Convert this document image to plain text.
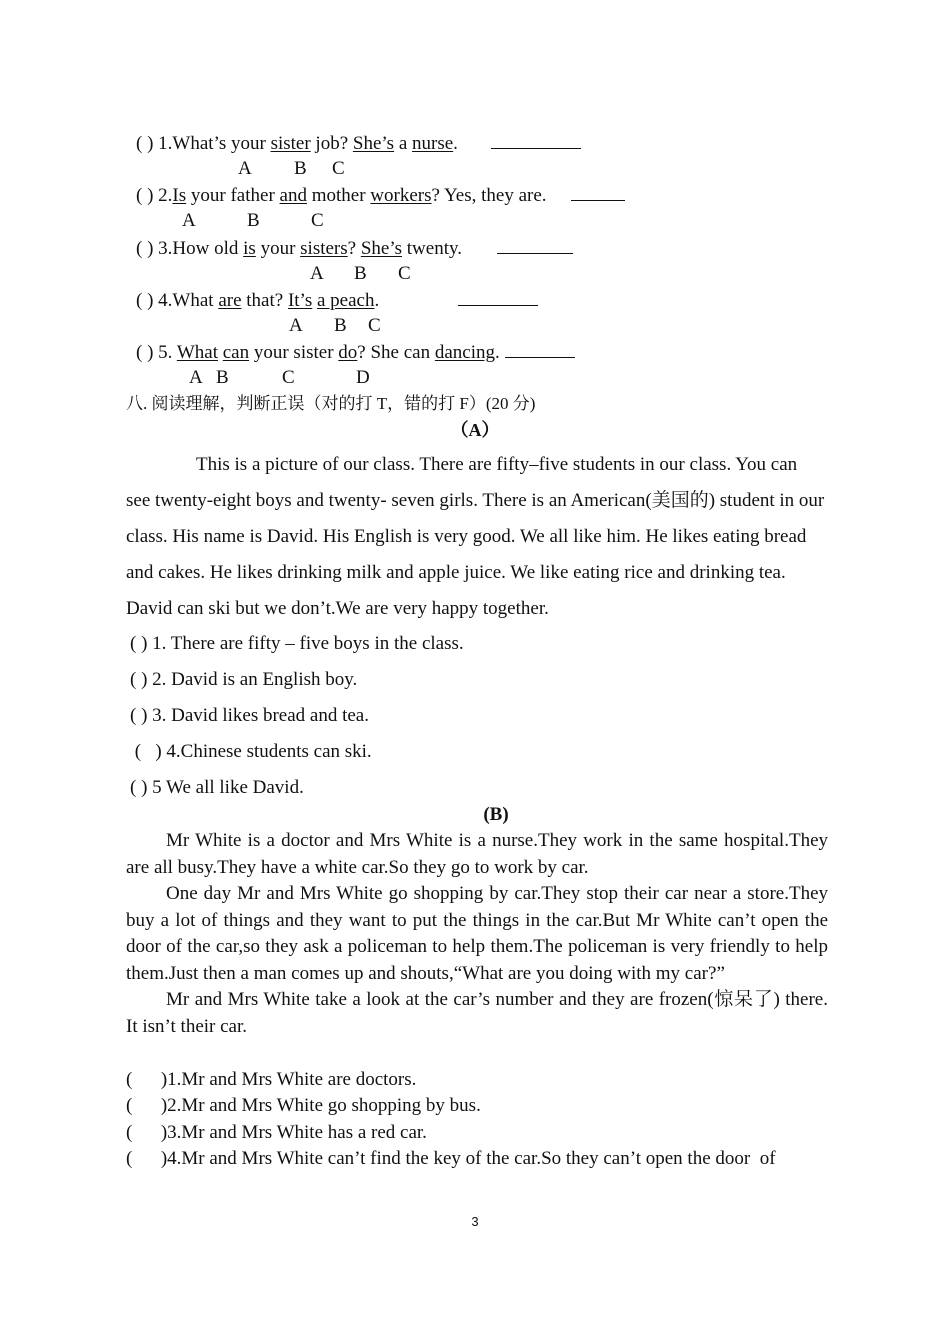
( ) 1.What’s your sister job? She’s a nurse.
A B C
( ) 2.Is your father and mother workers? Yes, they are.
A	B	C
( ) 3.How old is your sisters? She’s twenty.
A B C
( ) 4.What are that? It’s a peach.
A B C
( ) 5. What can your sister do? She can dancing.
A B	C	D
八. 阅读理解，判断正误（对的打 T，错的打 F）(20 分)
（A）

This is a picture of our class. There are fifty–five students in our class. You can see twenty-eight boys and twenty- seven girls. There is an American(美国的) student in our class. His name is David. His English is very good. We all like him. He likes eating bread and cakes. He likes drinking milk and apple juice. We like eating rice and drinking tea. David can ski but we don’t.We are very happy together.

( ) 1. There are fifty – five boys in the class.
( ) 2. David is an English boy.
( ) 3. David likes bread and tea.
(   ) 4.Chinese students can ski.
( ) 5 We all like David.
(B)

Mr White is a doctor and Mrs White is a nurse.They work in the same hospital.They are all busy.They have a white car.So they go to work by car.

One day Mr and Mrs White go shopping by car.They stop their car near a store.They buy a lot of things and they want to put the things in the car.But Mr White can’t open the door of the car,so they ask a policeman to help them.The policeman is very friendly to help them.Just then a man comes up and shouts,“What are you doing with my car?”

Mr and Mrs White take a look at the car’s number and they are frozen(惊呆了) there. It isn’t their car.

(      )1.Mr and Mrs White are doctors.
(      )2.Mr and Mrs White go shopping by bus.
(      )3.Mr and Mrs White has a red car.
(      )4.Mr and Mrs White can’t find the key of the car.So they can’t open the door  of
3
